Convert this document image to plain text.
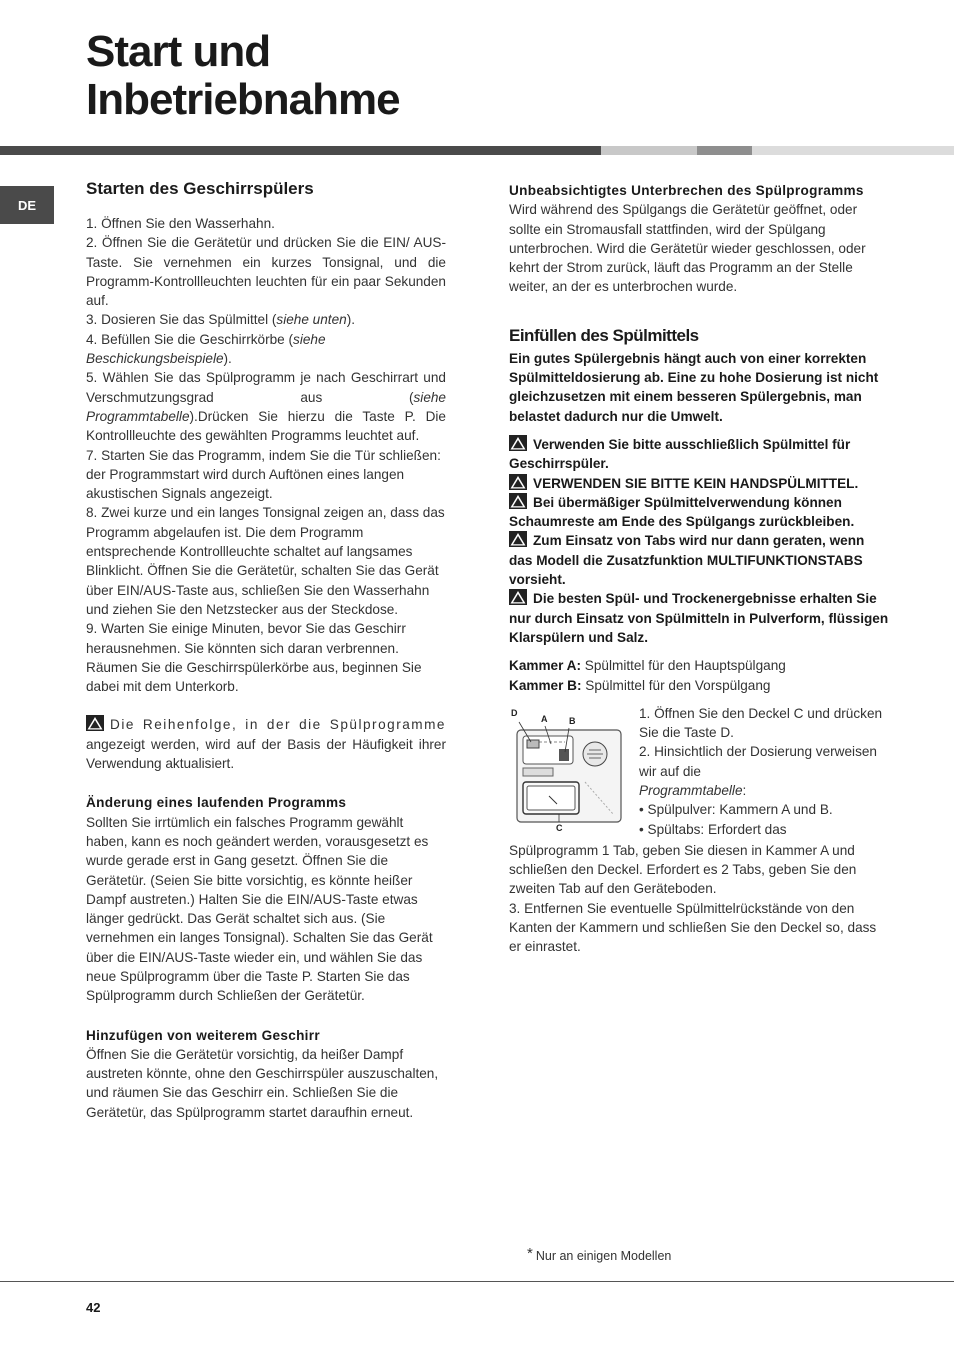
Start und
Inbetriebnahme
DE
Starten des Geschirrspülers

1. Öffnen Sie den Wasserhahn.

2. Öffnen Sie die Gerätetür und drücken Sie die EIN/ AUS-Taste. Sie vernehmen ein kurzes Tonsignal, und die Programm-Kontrollleuchten leuchten für ein paar Sekunden auf.

3. Dosieren Sie das Spülmittel (siehe unten).

4. Befüllen Sie die Geschirrkörbe (siehe Beschickungsbeispiele).

5. Wählen Sie das Spülprogramm je nach Geschirrart und Verschmutzungsgrad aus (siehe Programmtabelle).Drücken Sie hierzu die Taste P. Die Kontrollleuchte des gewählten Programms leuchtet auf.

7. Starten Sie das Programm, indem Sie die Tür schließen: der Programmstart wird durch Auftönen eines langen akustischen Signals angezeigt.

8. Zwei kurze und ein langes Tonsignal zeigen an, dass das Programm abgelaufen ist. Die dem Programm entsprechende Kontrollleuchte schaltet auf langsames Blinklicht. Öffnen Sie die Gerätetür, schalten Sie das Gerät über EIN/AUS-Taste aus, schließen Sie den Wasserhahn und ziehen Sie den Netzstecker aus der Steckdose.

9. Warten Sie einige Minuten, bevor Sie das Geschirr herausnehmen. Sie könnten sich daran verbrennen. Räumen Sie die Geschirrspülerkörbe aus, beginnen Sie dabei mit dem Unterkorb.

Die Reihenfolge, in der die Spülprogramme angezeigt werden, wird auf der Basis der Häufigkeit ihrer Verwendung aktualisiert.

Änderung eines laufenden Programms

Sollten Sie irrtümlich ein falsches Programm gewählt haben, kann es noch geändert werden, vorausgesetzt es wurde gerade erst in Gang gesetzt. Öffnen Sie die Gerätetür. (Seien Sie bitte vorsichtig, es könnte heißer Dampf austreten.) Halten Sie die EIN/AUS-Taste etwas länger gedrückt. Das Gerät schaltet sich aus. (Sie vernehmen ein langes Tonsignal). Schalten Sie das Gerät über die EIN/AUS-Taste wieder ein, und wählen Sie das neue Spülprogramm über die Taste P. Starten Sie das Spülprogramm durch Schließen der Gerätetür.

Hinzufügen von weiterem Geschirr

Öffnen Sie die Gerätetür vorsichtig, da heißer Dampf austreten könnte, ohne den Geschirrspüler auszuschalten, und räumen Sie das Geschirr ein. Schließen Sie die Gerätetür, das Spülprogramm startet daraufhin erneut.

Unbeabsichtigtes Unterbrechen des Spülprogramms

Wird während des Spülgangs die Gerätetür geöffnet, oder sollte ein Stromausfall stattfinden, wird der Spülgang unterbrochen. Wird die Gerätetür wieder geschlossen, oder kehrt der Strom zurück, läuft das Programm an der Stelle weiter, an der es unterbrochen wurde.

Einfüllen des Spülmittels

Ein gutes Spülergebnis hängt auch von einer korrekten Spülmitteldosierung ab. Eine zu hohe Dosierung ist nicht gleichzusetzen mit einem besseren Spülergebnis, man belastet dadurch nur die Umwelt.

Verwenden Sie bitte ausschließlich Spülmittel für Geschirrspüler.

VERWENDEN SIE BITTE KEIN HANDSPÜLMITTEL.

Bei übermäßiger Spülmittelverwendung können Schaumreste am Ende des Spülgangs zurückbleiben.

Zum Einsatz von Tabs wird nur dann geraten, wenn das Modell die Zusatzfunktion MULTIFUNKTIONSTABS vorsieht.

Die besten Spül- und Trockenergebnisse erhalten Sie nur durch Einsatz von Spülmitteln in Pulverform, flüssigen Klarspülern und Salz.

Kammer A: Spülmittel für den Hauptspülgang

Kammer B: Spülmittel für den Vorspülgang

D
A B
C

1. Öffnen Sie den Deckel C und drücken Sie die Taste D.

2. Hinsichtlich der Dosierung verweisen wir auf die

Programmtabelle:

• Spülpulver: Kammern A und B.

• Spültabs: Erfordert das

Spülprogramm 1 Tab, geben Sie diesen in Kammer A und schließen den Deckel. Erfordert es 2 Tabs, geben Sie den zweiten Tab auf den Geräteboden.

3. Entfernen Sie eventuelle Spülmittelrückstände von den Kanten der Kammern und schließen Sie den Deckel so, dass er einrastet.

* Nur an einigen Modellen
42
